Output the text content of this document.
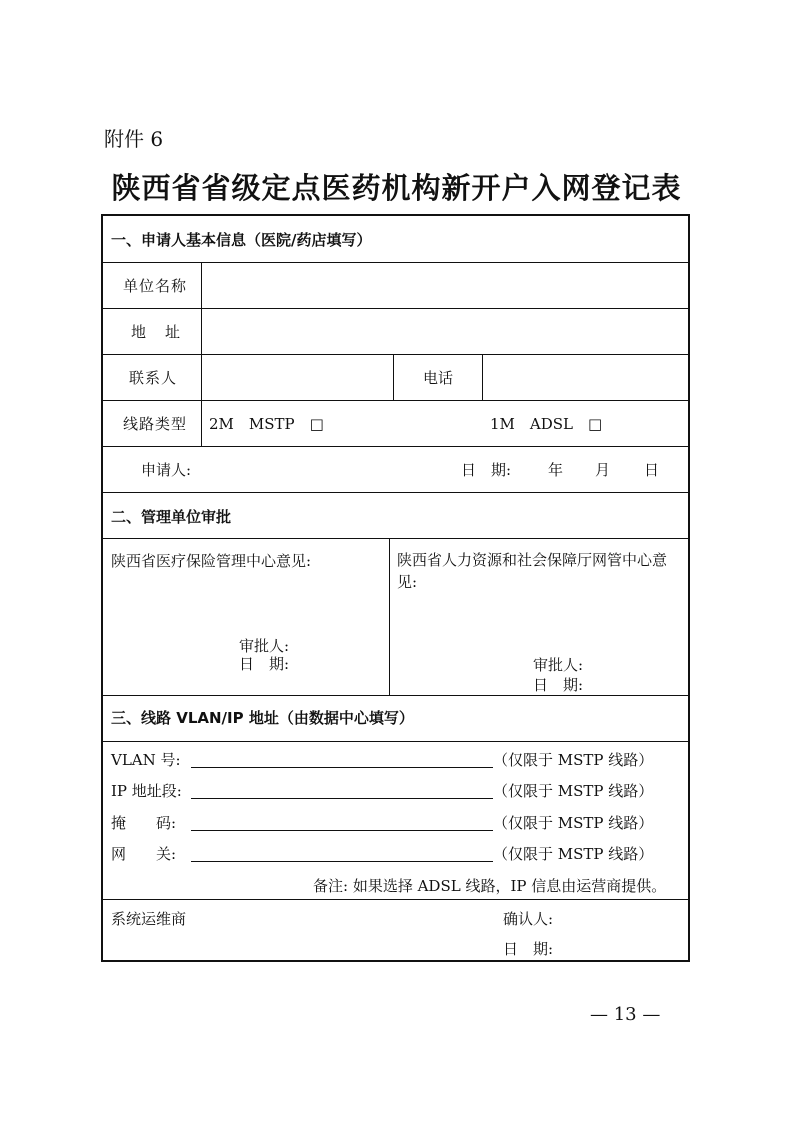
附件 6
陕西省省级定点医药机构新开户入网登记表
一、申请人基本信息（医院/药店填写）
单位名称
地　址
联系人	电话
线路类型 2M　MSTP　□	1M　ADSL　□
申请人:	日　期: 年 月 日
二、管理单位审批
陕西省医疗保险管理中心意见:
审批人:
日　期:
陕西省人力资源和社会保障厅网管中心意见:
审批人:
日　期:
三、线路 VLAN/IP 地址（由数据中心填写）
VLAN 号:	（仅限于 MSTP 线路）
IP 地址段:	（仅限于 MSTP 线路）
掩　　码:	（仅限于 MSTP 线路）
网　　关:	（仅限于 MSTP 线路）
备注: 如果选择 ADSL 线路，IP 信息由运营商提供。
系统运维商	确认人:
日　期:
— 13 —
